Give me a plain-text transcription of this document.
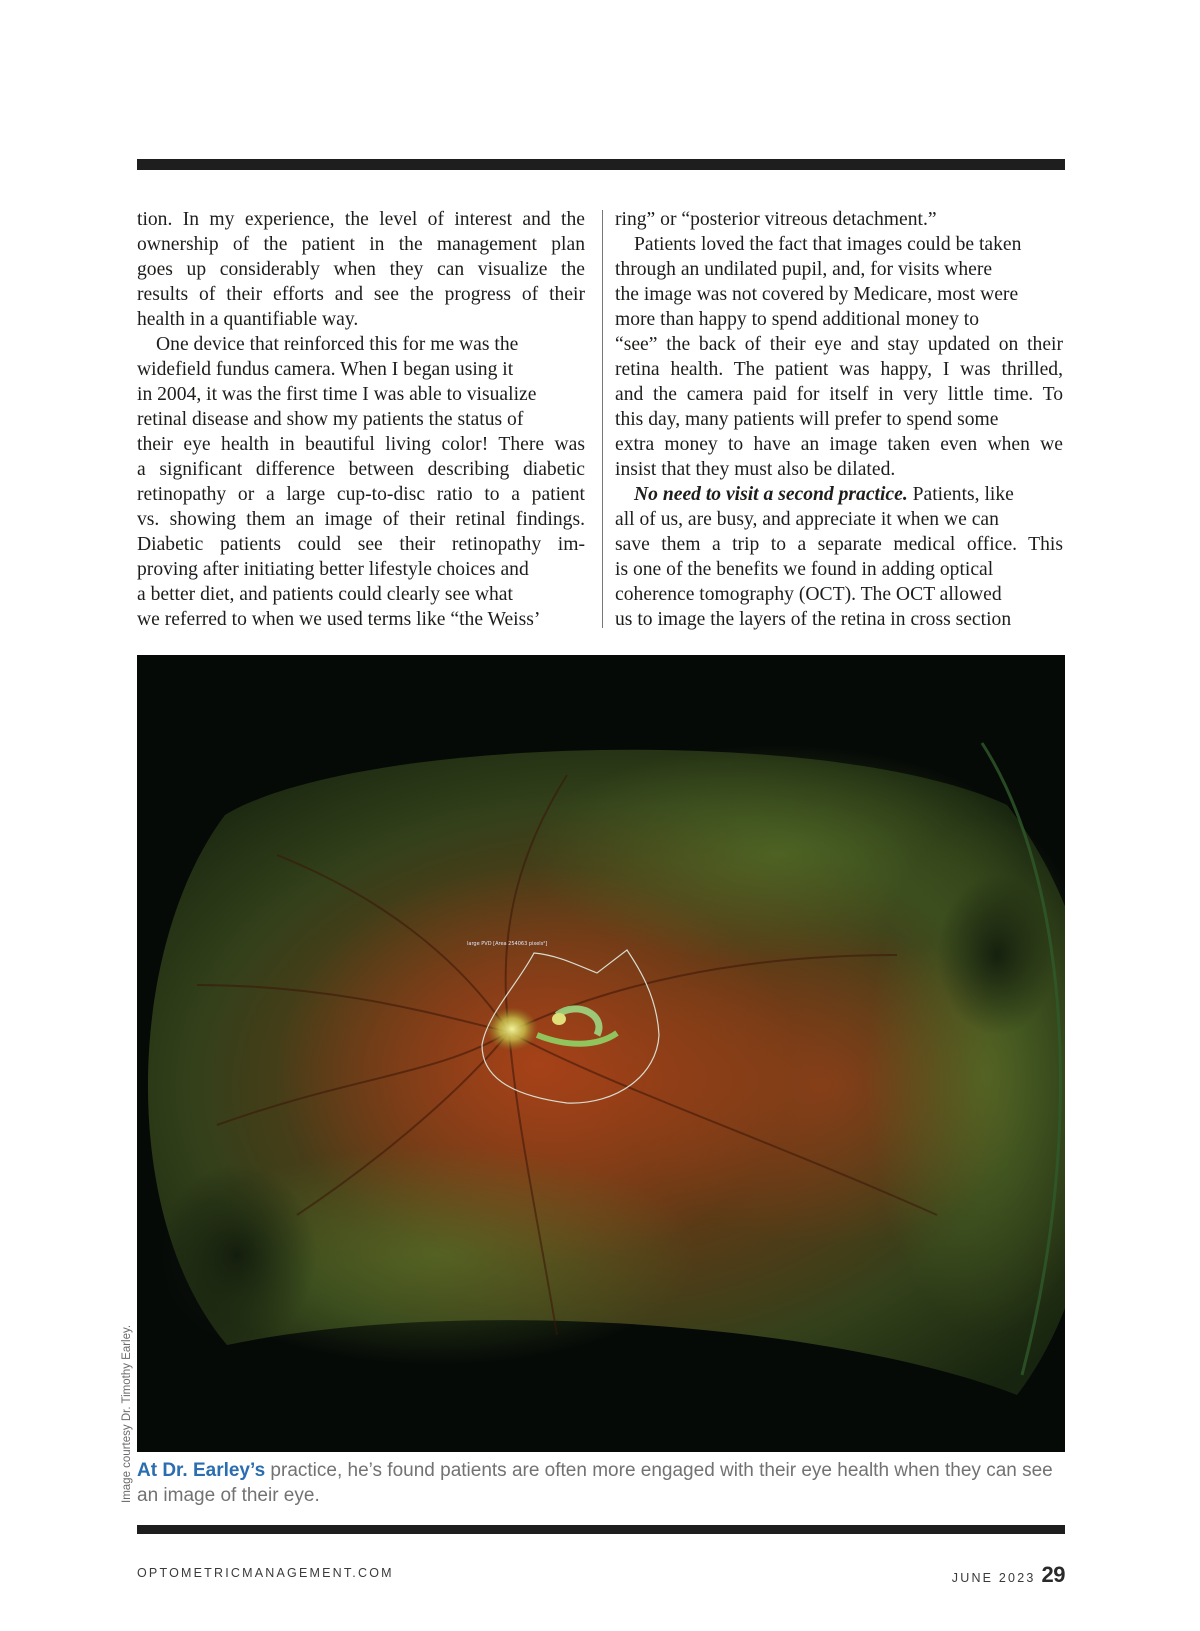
tion. In my experience, the level of interest and the
ownership of the patient in the management plan
goes up considerably when they can visualize the
results of their efforts and see the progress of their
health in a quantifiable way.
One device that reinforced this for me was the
widefield fundus camera. When I began using it
in 2004, it was the first time I was able to visualize
retinal disease and show my patients the status of
their eye health in beautiful living color! There was
a significant difference between describing diabetic
retinopathy or a large cup-to-disc ratio to a patient
vs. showing them an image of their retinal findings.
Diabetic patients could see their retinopathy im-
proving after initiating better lifestyle choices and
a better diet, and patients could clearly see what
we referred to when we used terms like “the Weiss’
ring” or “posterior vitreous detachment.”
Patients loved the fact that images could be taken
through an undilated pupil, and, for visits where
the image was not covered by Medicare, most were
more than happy to spend additional money to
“see” the back of their eye and stay updated on their
retina health. The patient was happy, I was thrilled,
and the camera paid for itself in very little time. To
this day, many patients will prefer to spend some
extra money to have an image taken even when we
insist that they must also be dilated.
No need to visit a second practice. Patients, like
all of us, are busy, and appreciate it when we can
save them a trip to a separate medical office. This
is one of the benefits we found in adding optical
coherence tomography (OCT). The OCT allowed
us to image the layers of the retina in cross section
large PVD [Area 254063 pixels²]
Image courtesy Dr. Timothy Earley. At Dr. Earley’s practice, he’s found patients are often more engaged with their eye health when they can see an image of their eye.
OPTOMETRICMANAGEMENT.COM	JUNE 2023 29
